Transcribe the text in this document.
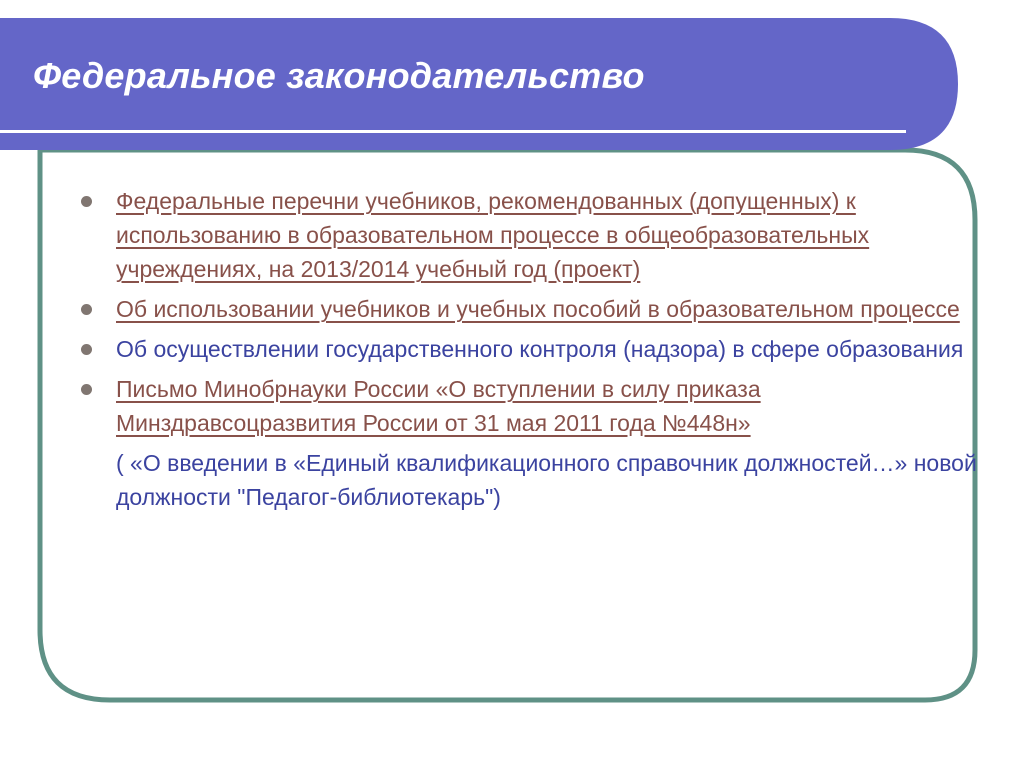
Федеральное законодательство
Федеральные перечни учебников, рекомендованных (допущенных) к использованию в образовательном процессе в общеобразовательных учреждениях, на 2013/2014 учебный год (проект)
Об использовании учебников и учебных пособий в образовательном процессе
Об осуществлении государственного контроля (надзора) в сфере образования
Письмо Минобрнауки России «О вступлении в силу приказа Минздравсоцразвития России от 31 мая 2011 года №448н»
( «О введении в «Единый квалификационного справочник должностей…» новой должности "Педагог-библиотекарь")
